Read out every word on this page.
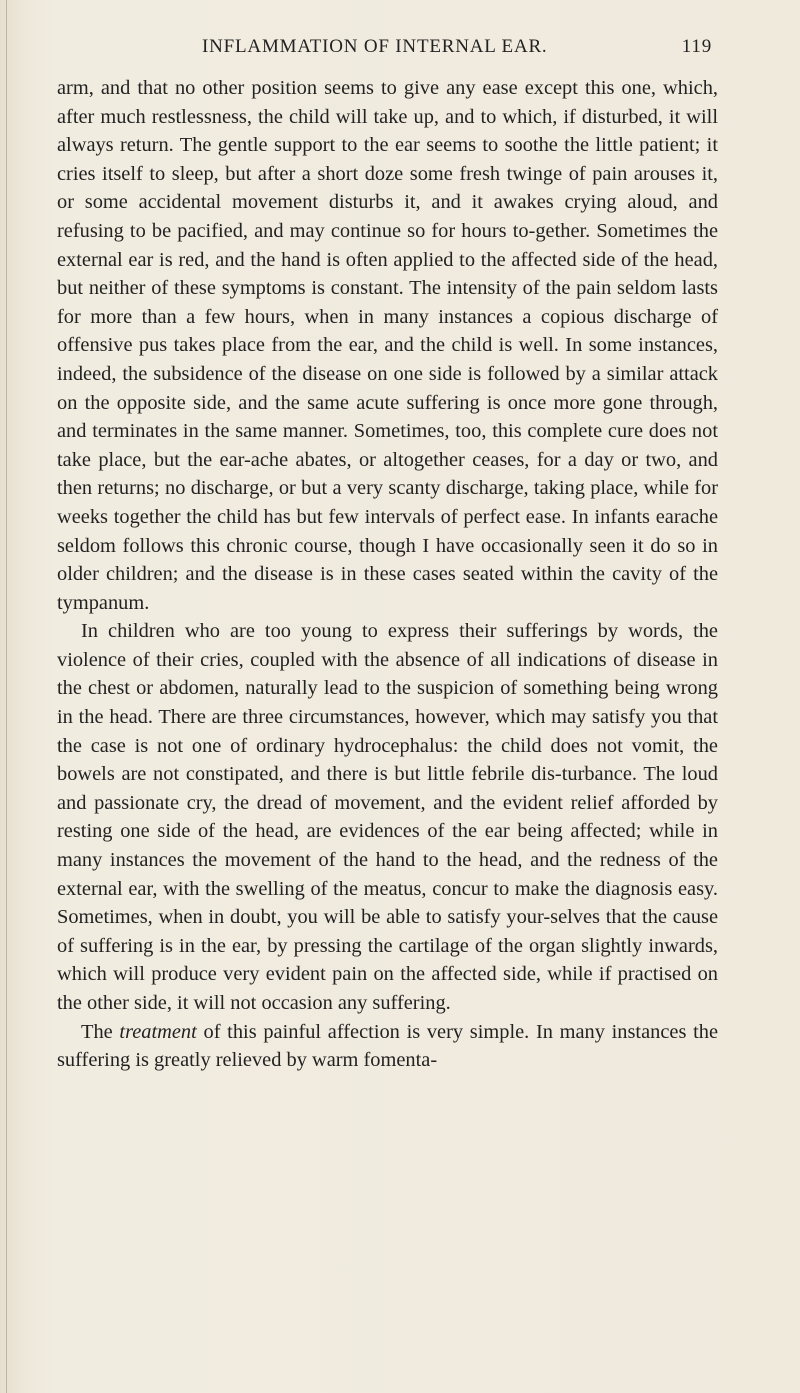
INFLAMMATION OF INTERNAL EAR.	119

arm, and that no other position seems to give any ease except this one, which, after much restlessness, the child will take up, and to which, if disturbed, it will always return. The gentle support to the ear seems to soothe the little patient; it cries itself to sleep, but after a short doze some fresh twinge of pain arouses it, or some accidental movement disturbs it, and it awakes crying aloud, and refusing to be pacified, and may continue so for hours to-gether. Sometimes the external ear is red, and the hand is often applied to the affected side of the head, but neither of these symptoms is constant. The intensity of the pain seldom lasts for more than a few hours, when in many instances a copious discharge of offensive pus takes place from the ear, and the child is well. In some instances, indeed, the subsidence of the disease on one side is followed by a similar attack on the opposite side, and the same acute suffering is once more gone through, and terminates in the same manner. Sometimes, too, this complete cure does not take place, but the ear-ache abates, or altogether ceases, for a day or two, and then returns; no discharge, or but a very scanty discharge, taking place, while for weeks together the child has but few intervals of perfect ease. In infants earache seldom follows this chronic course, though I have occasionally seen it do so in older children; and the disease is in these cases seated within the cavity of the tympanum.

In children who are too young to express their sufferings by words, the violence of their cries, coupled with the absence of all indications of disease in the chest or abdomen, naturally lead to the suspicion of something being wrong in the head. There are three circumstances, however, which may satisfy you that the case is not one of ordinary hydrocephalus: the child does not vomit, the bowels are not constipated, and there is but little febrile dis-turbance. The loud and passionate cry, the dread of movement, and the evident relief afforded by resting one side of the head, are evidences of the ear being affected; while in many instances the movement of the hand to the head, and the redness of the external ear, with the swelling of the meatus, concur to make the diagnosis easy. Sometimes, when in doubt, you will be able to satisfy your-selves that the cause of suffering is in the ear, by pressing the cartilage of the organ slightly inwards, which will produce very evident pain on the affected side, while if practised on the other side, it will not occasion any suffering.

The treatment of this painful affection is very simple. In many instances the suffering is greatly relieved by warm fomenta-
